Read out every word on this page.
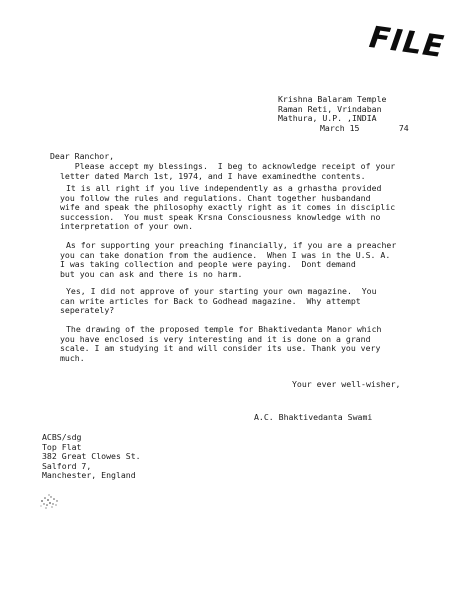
FILE
Krishna Balaram Temple
Raman Reti, Vrindaban
Mathura, U.P. ,INDIA
March 15        74
Dear Ranchor,
Please accept my blessings.  I beg to acknowledge receipt of your
letter dated March 1st, 1974, and I have examinedthe contents.
It is all right if you live independently as a grhastha provided
you follow the rules and regulations. Chant together husbandand
wife and speak the philosophy exactly right as it comes in disciplic
succession.  You must speak Krsna Consciousness knowledge with no
interpretation of your own.
As for supporting your preaching financially, if you are a preacher
you can take donation from the audience.  When I was in the U.S. A.
I was taking collection and people were paying.  Dont demand
but you can ask and there is no harm.
Yes, I did not approve of your starting your own magazine.  You
can write articles for Back to Godhead magazine.  Why attempt
seperately?
The drawing of the proposed temple for Bhaktivedanta Manor which
you have enclosed is very interesting and it is done on a grand
scale. I am studying it and will consider its use. Thank you very
much.
Your ever well-wisher,
A.C. Bhaktivedanta Swami
ACBS/sdg
Top Flat
382 Great Clowes St.
Salford 7,
Manchester, England
